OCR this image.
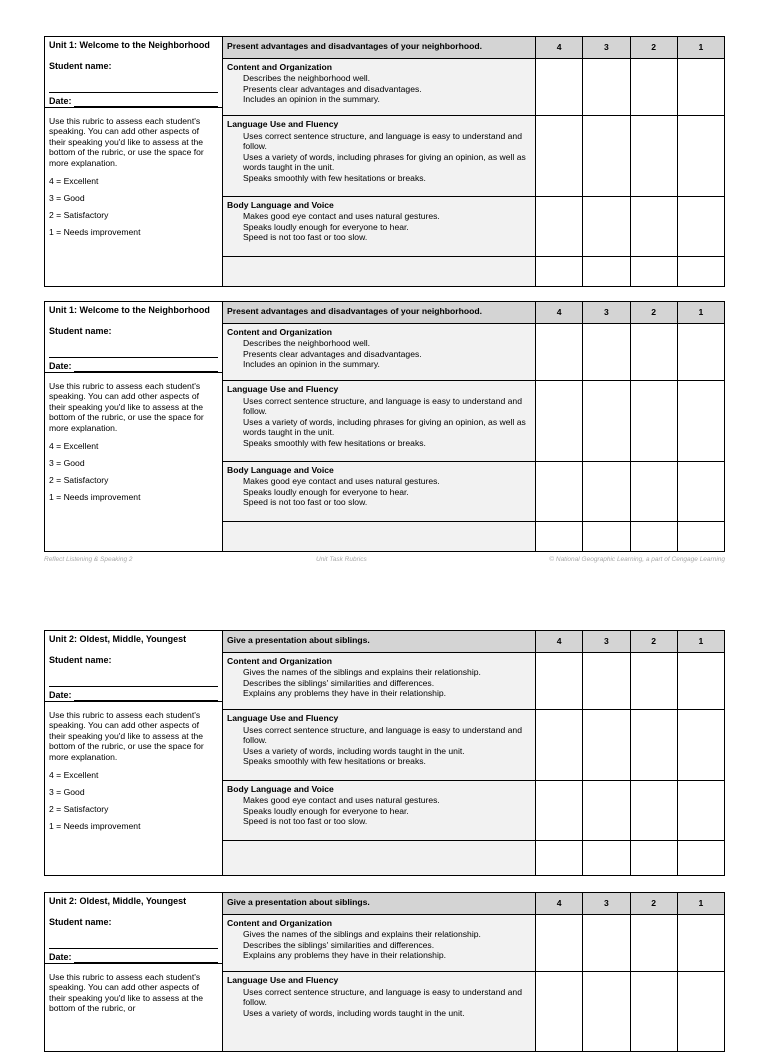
Unit 1: Welcome to the Neighborhood
Student name:
Date:
Use this rubric to assess each student's speaking. You can add other aspects of their speaking you'd like to assess at the bottom of the rubric, or use the space for more explanation.
4 = Excellent
3 = Good
2 = Satisfactory
1 = Needs improvement
Present advantages and disadvantages of your neighborhood.	4	3	2	1
Content and Organization
Describes the neighborhood well.
Presents clear advantages and disadvantages.
Includes an opinion in the summary.
Language Use and Fluency
Uses correct sentence structure, and language is easy to understand and follow.
Uses a variety of words, including phrases for giving an opinion, as well as words taught in the unit.
Speaks smoothly with few hesitations or breaks.
Body Language and Voice
Makes good eye contact and uses natural gestures.
Speaks loudly enough for everyone to hear.
Speed is not too fast or too slow.
Unit 1: Welcome to the Neighborhood
Student name:
Date:
Use this rubric to assess each student's speaking. You can add other aspects of their speaking you'd like to assess at the bottom of the rubric, or use the space for more explanation.
4 = Excellent
3 = Good
2 = Satisfactory
1 = Needs improvement
Present advantages and disadvantages of your neighborhood.	4	3	2	1
Content and Organization
Describes the neighborhood well.
Presents clear advantages and disadvantages.
Includes an opinion in the summary.
Language Use and Fluency
Uses correct sentence structure, and language is easy to understand and follow.
Uses a variety of words, including phrases for giving an opinion, as well as words taught in the unit.
Speaks smoothly with few hesitations or breaks.
Body Language and Voice
Makes good eye contact and uses natural gestures.
Speaks loudly enough for everyone to hear.
Speed is not too fast or too slow.
Reflect Listening & Speaking 2	Unit Task Rubrics	© National Geographic Learning, a part of Cengage Learning
Unit 2: Oldest, Middle, Youngest
Student name:
Date:
Use this rubric to assess each student's speaking. You can add other aspects of their speaking you'd like to assess at the bottom of the rubric, or use the space for more explanation.
4 = Excellent
3 = Good
2 = Satisfactory
1 = Needs improvement
Give a presentation about siblings.	4	3	2	1
Content and Organization
Gives the names of the siblings and explains their relationship.
Describes the siblings' similarities and differences.
Explains any problems they have in their relationship.
Language Use and Fluency
Uses correct sentence structure, and language is easy to understand and follow.
Uses a variety of words, including words taught in the unit.
Speaks smoothly with few hesitations or breaks.
Body Language and Voice
Makes good eye contact and uses natural gestures.
Speaks loudly enough for everyone to hear.
Speed is not too fast or too slow.
Unit 2: Oldest, Middle, Youngest
Student name:
Date:
Use this rubric to assess each student's speaking. You can add other aspects of their speaking you'd like to assess at the bottom of the rubric, or
Give a presentation about siblings.	4	3	2	1
Content and Organization
Gives the names of the siblings and explains their relationship.
Describes the siblings' similarities and differences.
Explains any problems they have in their relationship.
Language Use and Fluency
Uses correct sentence structure, and language is easy to understand and follow.
Uses a variety of words, including words taught in the unit.
